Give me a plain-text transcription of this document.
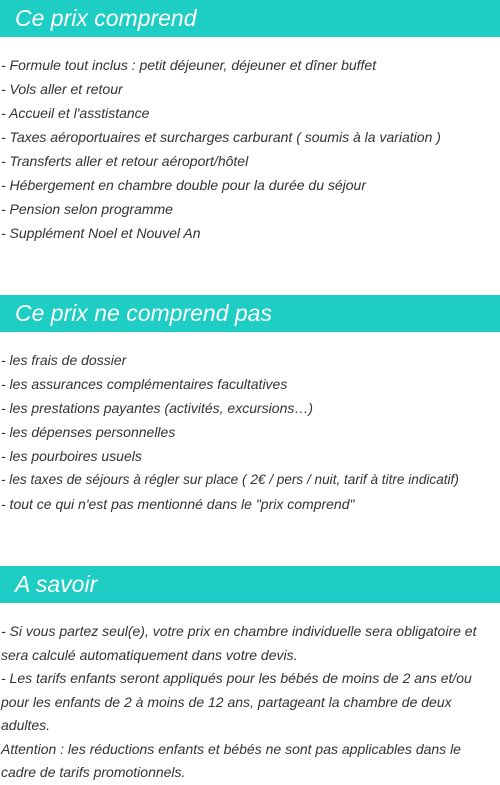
Ce prix comprend
- Formule tout inclus : petit déjeuner, déjeuner et dîner buffet
- Vols aller et retour
- Accueil et l'asstistance
- Taxes aéroportuaires et surcharges carburant ( soumis à la variation )
- Transferts aller et retour aéroport/hôtel
- Hébergement en chambre double pour la durée du séjour
- Pension selon programme
- Supplément Noel et Nouvel An
Ce prix ne comprend pas
- les frais de dossier
- les assurances complémentaires facultatives
- les prestations payantes (activités, excursions…)
- les dépenses personnelles
- les pourboires usuels
- les taxes de séjours à régler sur place ( 2€ / pers / nuit, tarif à titre indicatif)
- tout ce qui n'est pas mentionné dans le "prix comprend"
A savoir

- Si vous partez seul(e), votre prix en chambre individuelle sera obligatoire et sera calculé automatiquement dans votre devis.

- Les tarifs enfants seront appliqués pour les bébés de moins de 2 ans et/ou pour les enfants de 2 à moins de 12 ans, partageant la chambre de deux adultes.

Attention : les réductions enfants et bébés ne sont pas applicables dans le cadre de tarifs promotionnels.
